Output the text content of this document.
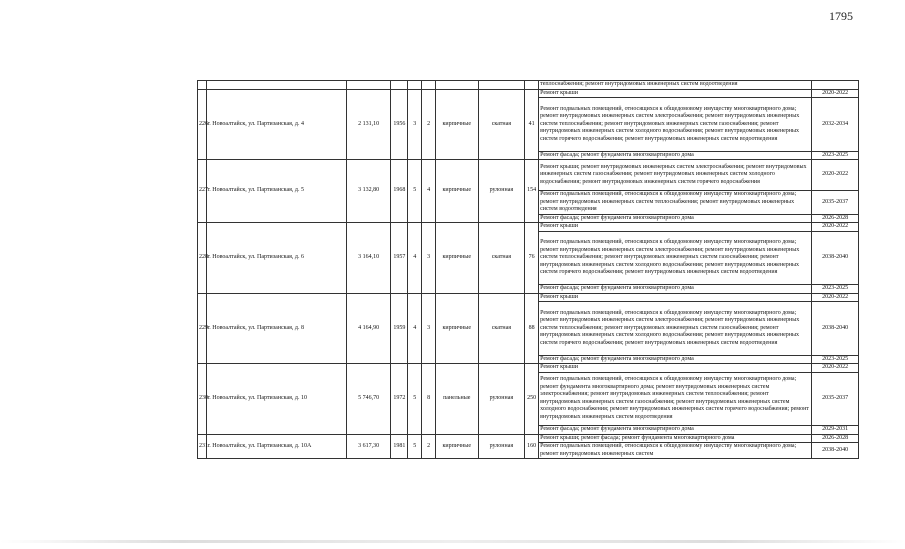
1795
									теплоснабжения; ремонт внутридомовых инженерных систем водоотведения	
226	г. Новоалтайск, ул. Партизанская, д. 4	2 131,10	1956	3	2	кирпичные	скатная	41	Ремонт крыши	2020-2022
									Ремонт подвальных помещений, относящихся к общедомовому имуществу многоквартирного дома; ремонт внутридомовых инженерных систем электроснабжения; ремонт внутридомовых инженерных систем теплоснабжения; ремонт внутридомовых инженерных систем газоснабжения; ремонт внутридомовых инженерных систем холодного водоснабжения; ремонт внутридомовых инженерных систем горячего водоснабжения; ремонт внутридомовых инженерных систем водоотведения	2032-2034
									Ремонт фасада; ремонт фундамента многоквартирного дома	2023-2025
227	г. Новоалтайск, ул. Партизанская, д. 5	3 132,80	1968	5	4	кирпичные	рулонная	154	Ремонт крыши; ремонт внутридомовых инженерных систем электроснабжения; ремонт внутридомовых инженерных систем газоснабжения; ремонт внутридомовых инженерных систем холодного водоснабжения; ремонт внутридомовых инженерных систем горячего водоснабжения	2020-2022
									Ремонт подвальных помещений, относящихся к общедомовому имуществу многоквартирного дома; ремонт внутридомовых инженерных систем теплоснабжения; ремонт внутридомовых инженерных систем водоотведения	2035-2037
									Ремонт фасада; ремонт фундамента многоквартирного дома	2026-2028
228	г. Новоалтайск, ул. Партизанская, д. 6	3 164,10	1957	4	3	кирпичные	скатная	76	Ремонт крыши	2020-2022
									Ремонт подвальных помещений, относящихся к общедомовому имуществу многоквартирного дома; ремонт внутридомовых инженерных систем электроснабжения; ремонт внутридомовых инженерных систем теплоснабжения; ремонт внутридомовых инженерных систем газоснабжения; ремонт внутридомовых инженерных систем холодного водоснабжения; ремонт внутридомовых инженерных систем горячего водоснабжения; ремонт внутридомовых инженерных систем водоотведения	2038-2040
									Ремонт фасада; ремонт фундамента многоквартирного дома	2023-2025
229	г. Новоалтайск, ул. Партизанская, д. 8	4 164,90	1959	4	3	кирпичные	скатная	88	Ремонт крыши	2020-2022
									Ремонт подвальных помещений, относящихся к общедомовому имуществу многоквартирного дома; ремонт внутридомовых инженерных систем электроснабжения; ремонт внутридомовых инженерных систем теплоснабжения; ремонт внутридомовых инженерных систем газоснабжения; ремонт внутридомовых инженерных систем холодного водоснабжения; ремонт внутридомовых инженерных систем горячего водоснабжения; ремонт внутридомовых инженерных систем водоотведения	2038-2040
									Ремонт фасада; ремонт фундамента многоквартирного дома	2023-2025
230	г. Новоалтайск, ул. Партизанская, д. 10	5 746,70	1972	5	8	панельные	рулонная	250	Ремонт крыши	2020-2022
									Ремонт подвальных помещений, относящихся к общедомовому имуществу многоквартирного дома; ремонт фундамента многоквартирного дома; ремонт внутридомовых инженерных систем электроснабжения; ремонт внутридомовых инженерных систем теплоснабжения; ремонт внутридомовых инженерных систем газоснабжения; ремонт внутридомовых инженерных систем холодного водоснабжения; ремонт внутридомовых инженерных систем горячего водоснабжения; ремонт внутридомовых инженерных систем водоотведения	2035-2037
									Ремонт фасада; ремонт фундамента многоквартирного дома	2029-2031
231	г. Новоалтайск, ул. Партизанская, д. 10А	3 617,30	1981	5	2	кирпичные	рулонная	160	Ремонт крыши; ремонт фасада; ремонт фундамента многоквартирного дома	2026-2028
									Ремонт подвальных помещений, относящихся к общедомовому имуществу многоквартирного дома; ремонт внутридомовых инженерных систем	2038-2040
